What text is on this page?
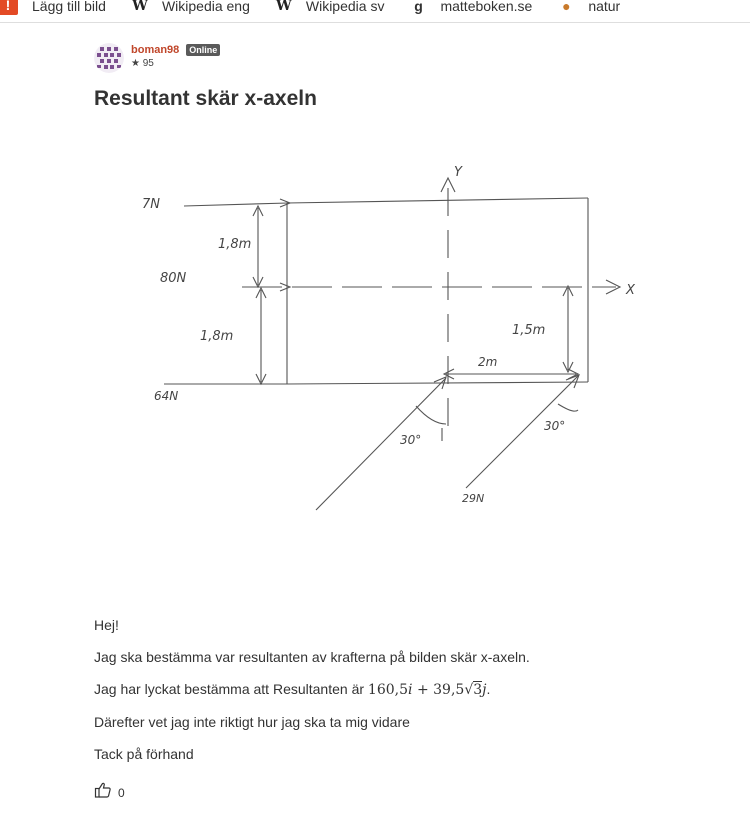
!	Lägg till bild W Wikipedia eng W Wikipedia sv g matteboken.se ● natur
boman98	Online
★ 95
Resultant skär x-axeln
Y
X
7N
80N
64N
1,8m
1,8m	1,5m
2m
30°
30°
29N

Hej!

Jag ska bestämma var resultanten av krafterna på bilden skär x-axeln.

Jag har lyckat bestämma att Resultanten är 160,5i + 39,5√3j.

Därefter vet jag inte riktigt hur jag ska ta mig vidare

Tack på förhand

0
